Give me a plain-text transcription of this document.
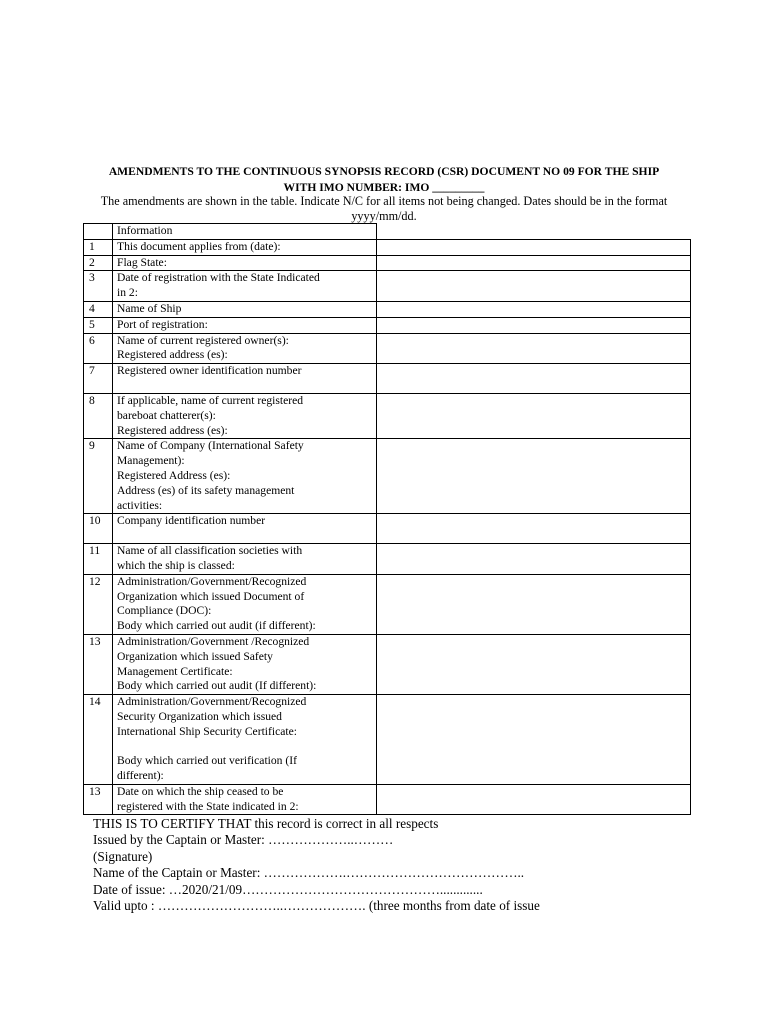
AMENDMENTS TO THE CONTINUOUS SYNOPSIS RECORD (CSR) DOCUMENT NO 09 FOR THE SHIP
WITH IMO NUMBER: IMO _________
The amendments are shown in the table. Indicate N/C for all items not being changed. Dates should be in the format
yyyy/mm/dd.
	Information	
1	This document applies from (date):	

2	Flag State:	

3	Date of registration with the State Indicated
in 2:	

4	Name of Ship	

5	Port of registration:	

6	Name of current registered owner(s):
Registered address (es):	

7	Registered owner identification number	

8	If applicable, name of current registered
bareboat chatterer(s):
Registered address (es):	

9	Name of Company (International Safety
Management):
Registered Address (es):
Address (es) of its safety management
activities:	

10	Company identification number	

11	Name of all classification societies with
which the ship is classed:	

12	Administration/Government/Recognized
Organization which issued Document of
Compliance (DOC):
Body which carried out audit (if different):	

13	Administration/Government /Recognized
Organization which issued Safety
Management Certificate:
Body which carried out audit (If different):	

14	Administration/Government/Recognized
Security Organization which issued
International Ship Security Certificate:

Body which carried out verification (If
different):	

13	Date on which the ship ceased to be
registered with the State indicated in 2:	

THIS IS TO CERTIFY THAT this record is correct in all respects
Issued by the Captain or Master: ………………..………
(Signature)
Name of the Captain or Master: ……………….…………………………………..
Date of issue: …2020/21/09……………………………………….............
Valid upto : ………………………..………………. (three months from date of issue
